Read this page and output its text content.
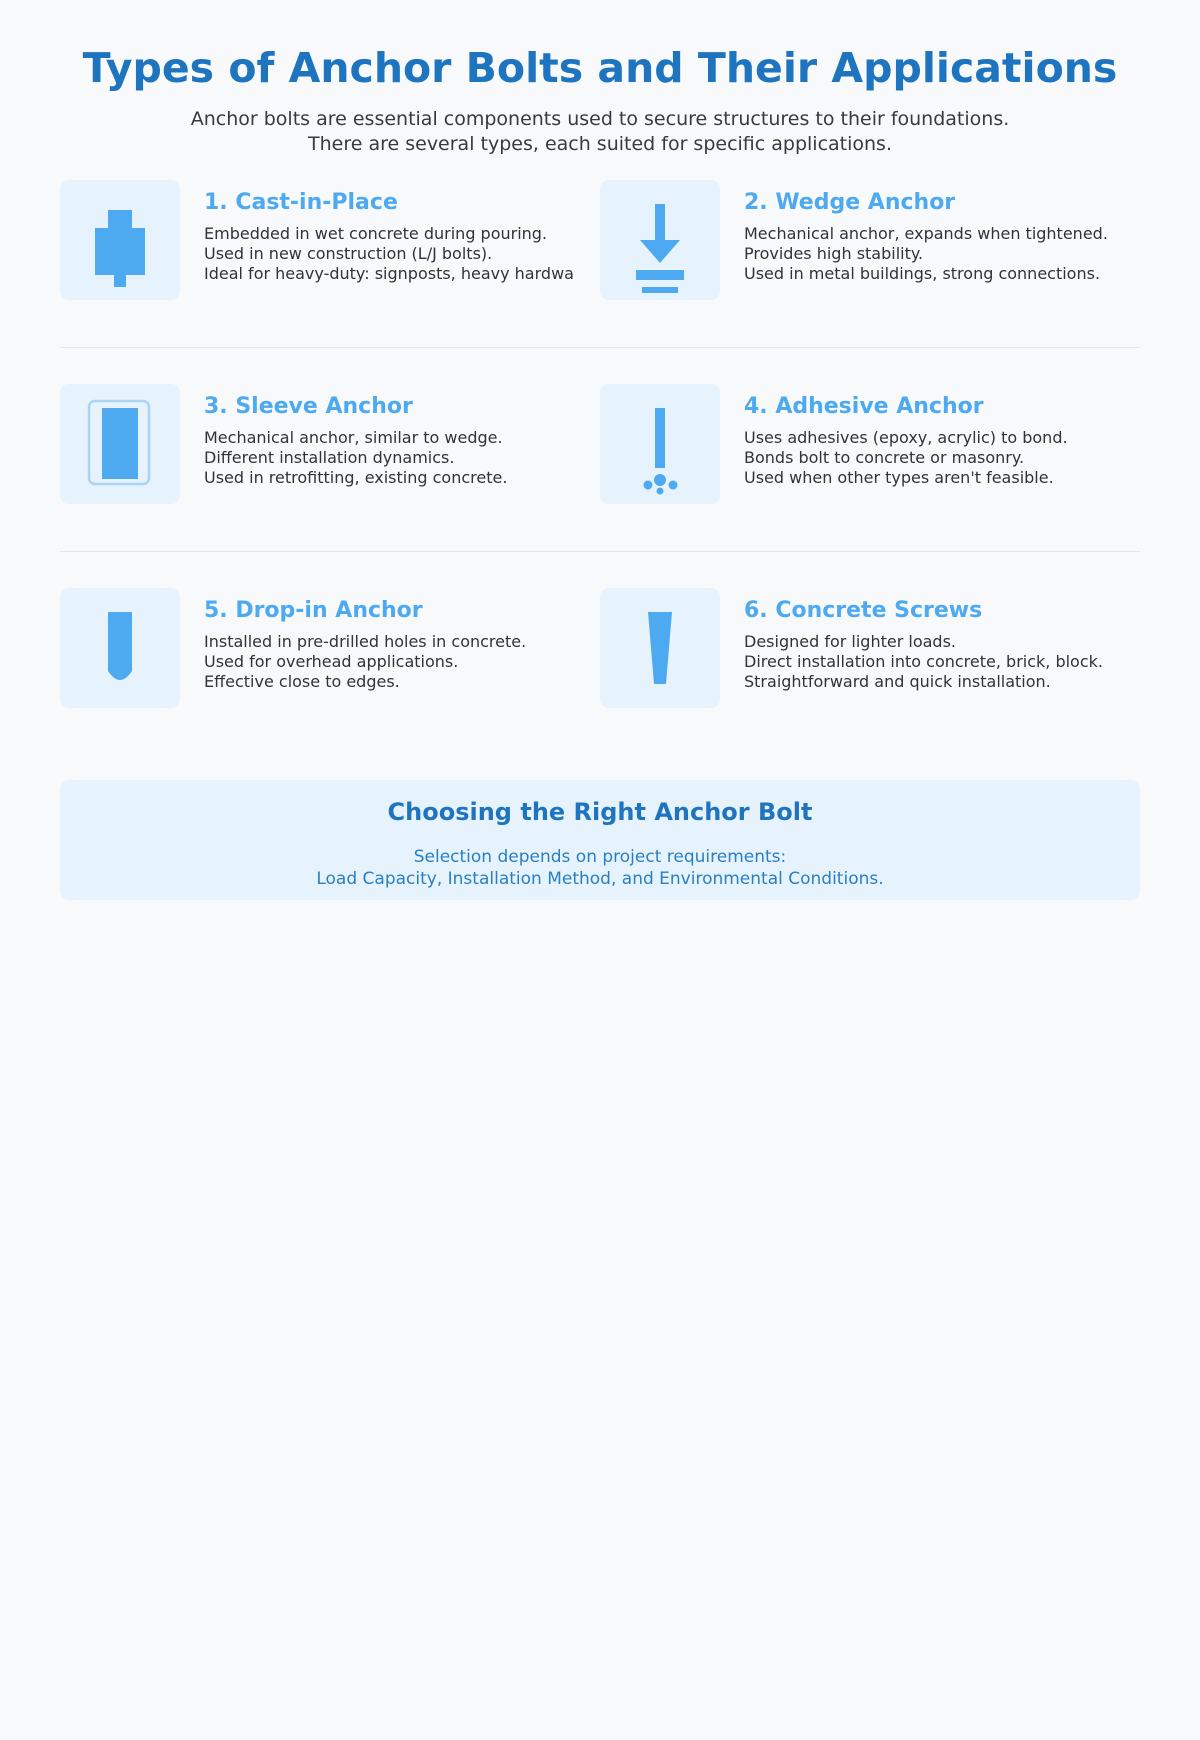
Types of Anchor Bolts and Their Applications

Anchor bolts are essential components used to secure structures to their foundations.
There are several types, each suited for specific applications.

1. Cast-in-Place
Embedded in wet concrete during pouring.
Used in new construction (L/J bolts).
Ideal for heavy-duty: signposts, heavy hardwa
2. Wedge Anchor
Mechanical anchor, expands when tightened.
Provides high stability.
Used in metal buildings, strong connections.
3. Sleeve Anchor
Mechanical anchor, similar to wedge.
Different installation dynamics.
Used in retrofitting, existing concrete.
4. Adhesive Anchor
Uses adhesives (epoxy, acrylic) to bond.
Bonds bolt to concrete or masonry.
Used when other types aren't feasible.
5. Drop-in Anchor
Installed in pre-drilled holes in concrete.
Used for overhead applications.
Effective close to edges.
6. Concrete Screws
Designed for lighter loads.
Direct installation into concrete, brick, block.
Straightforward and quick installation.
Choosing the Right Anchor Bolt
Selection depends on project requirements:
Load Capacity, Installation Method, and Environmental Conditions.
